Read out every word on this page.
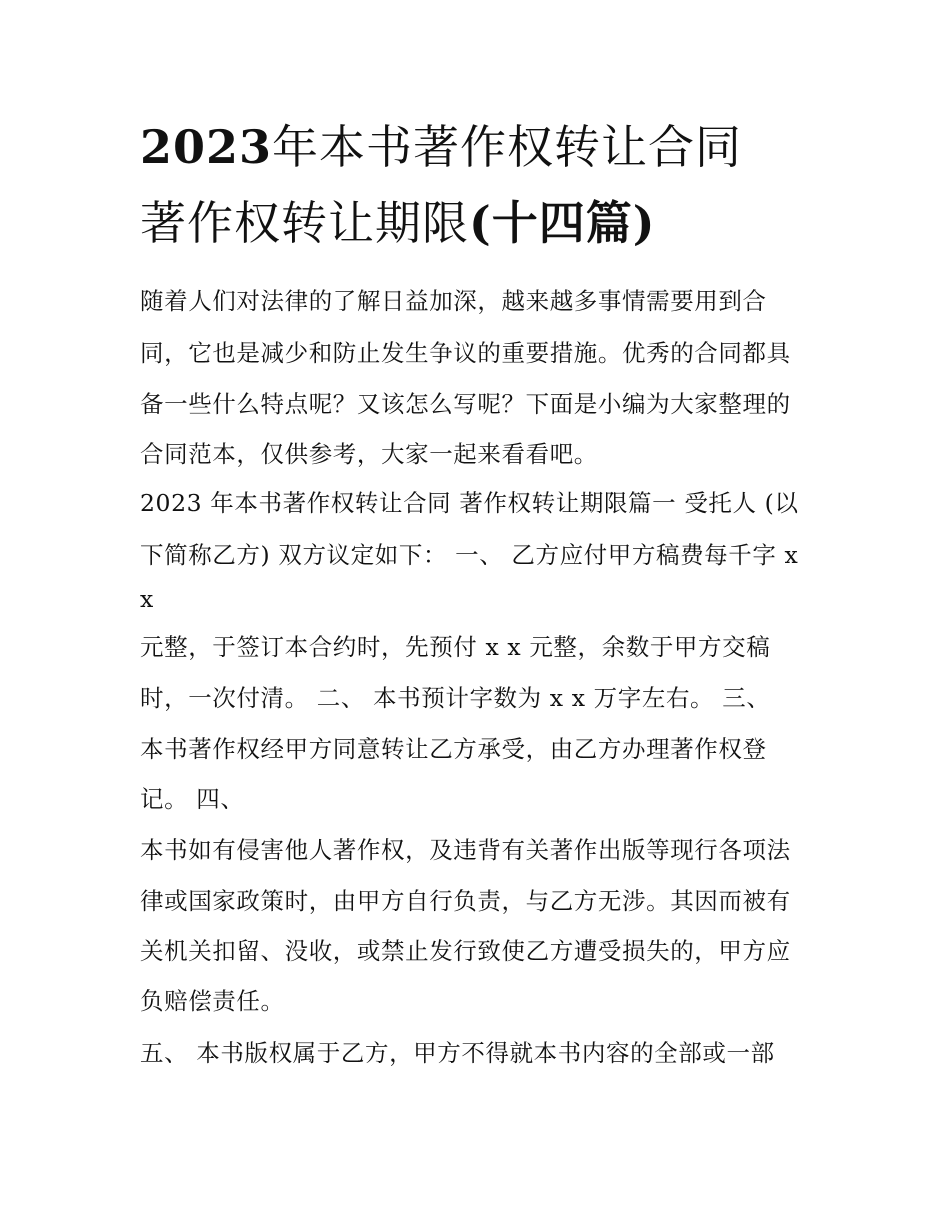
2023年本书著作权转让合同
著作权转让期限(十四篇)

随着人们对法律的了解日益加深，越来越多事情需要用到合

同，它也是减少和防止发生争议的重要措施。优秀的合同都具

备一些什么特点呢？又该怎么写呢？下面是小编为大家整理的

合同范本，仅供参考，大家一起来看看吧。

2023 年本书著作权转让合同 著作权转让期限篇一 受托人 (以

下简称乙方) 双方议定如下： 一、 乙方应付甲方稿费每千字 x

x

元整，于签订本合约时，先预付 x x 元整，余数于甲方交稿

时，一次付清。 二、 本书预计字数为 x x 万字左右。 三、

本书著作权经甲方同意转让乙方承受，由乙方办理著作权登

记。 四、

本书如有侵害他人著作权，及违背有关著作出版等现行各项法

律或国家政策时，由甲方自行负责，与乙方无涉。其因而被有

关机关扣留、没收，或禁止发行致使乙方遭受损失的，甲方应

负赔偿责任。

五、 本书版权属于乙方，甲方不得就本书内容的全部或一部
